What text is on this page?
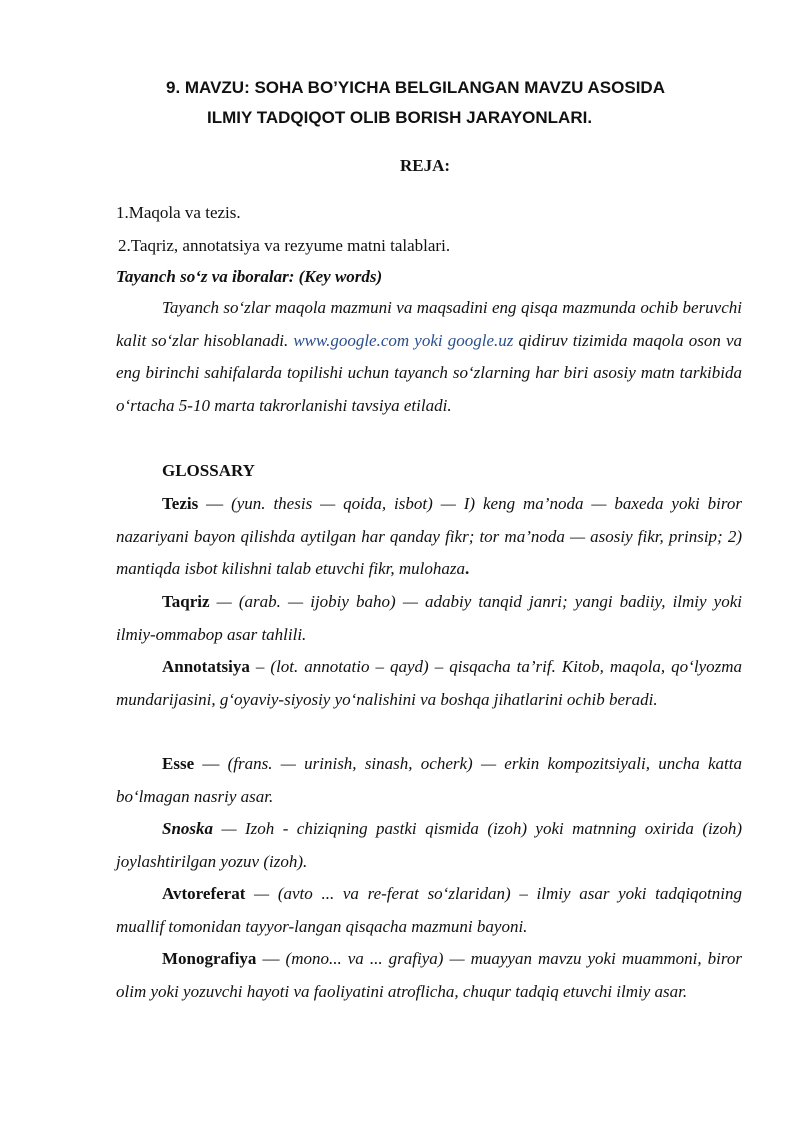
9. MAVZU: SOHA BO’YICHA BELGILANGAN MAVZU ASOSIDA
ILMIY TADQIQOT OLIB BORISH JARAYONLARI.
REJA:
1.Maqola va tezis.
2.Taqriz, annotatsiya va rezyume matni talablari.
Tayanch so‘z va iboralar: (Key words)

Tayanch so‘zlar maqola mazmuni va maqsadini eng qisqa mazmunda ochib beruvchi kalit so‘zlar hisoblanadi. www.google.com yoki google.uz qidiruv tizimida maqola oson va eng birinchi sahifalarda topilishi uchun tayanch so‘zlarning har biri asosiy matn tarkibida o‘rtacha 5-10 marta takrorlanishi tavsiya etiladi.

GLOSSARY

Tezis — (yun. thesis — qoida, isbot) — I) keng ma’noda — baxeda yoki biror nazariyani bayon qilishda aytilgan har qanday fikr; tor ma’noda — asosiy fikr, prinsip; 2) mantiqda isbot kilishni talab etuvchi fikr, mulohaza.

Taqriz — (arab. — ijobiy baho) — adabiy tanqid janri; yangi badiiy, ilmiy yoki ilmiy-ommabop asar tahlili.

Annotatsiya – (lot. annotatio – qayd) – qisqacha ta’rif. Kitob, maqola, qo‘lyozma mundarijasini, g‘oyaviy-siyosiy yo‘nalishini va boshqa jihatlarini ochib beradi.

Esse — (frans. — urinish, sinash, ocherk) — erkin kompozitsiyali, uncha katta bo‘lmagan nasriy asar.

Snoska — Izoh - chiziqning pastki qismida (izoh) yoki matnning oxirida (izoh) joylashtirilgan yozuv (izoh).

Avtoreferat — (avto ... va re-ferat so‘zlaridan) – ilmiy asar yoki tadqiqotning muallif tomonidan tayyor-langan qisqacha mazmuni bayoni.

Monografiya — (mono... va ... grafiya) — muayyan mavzu yoki muammoni, biror olim yoki yozuvchi hayoti va faoliyatini atroflicha, chuqur tadqiq etuvchi ilmiy asar.
